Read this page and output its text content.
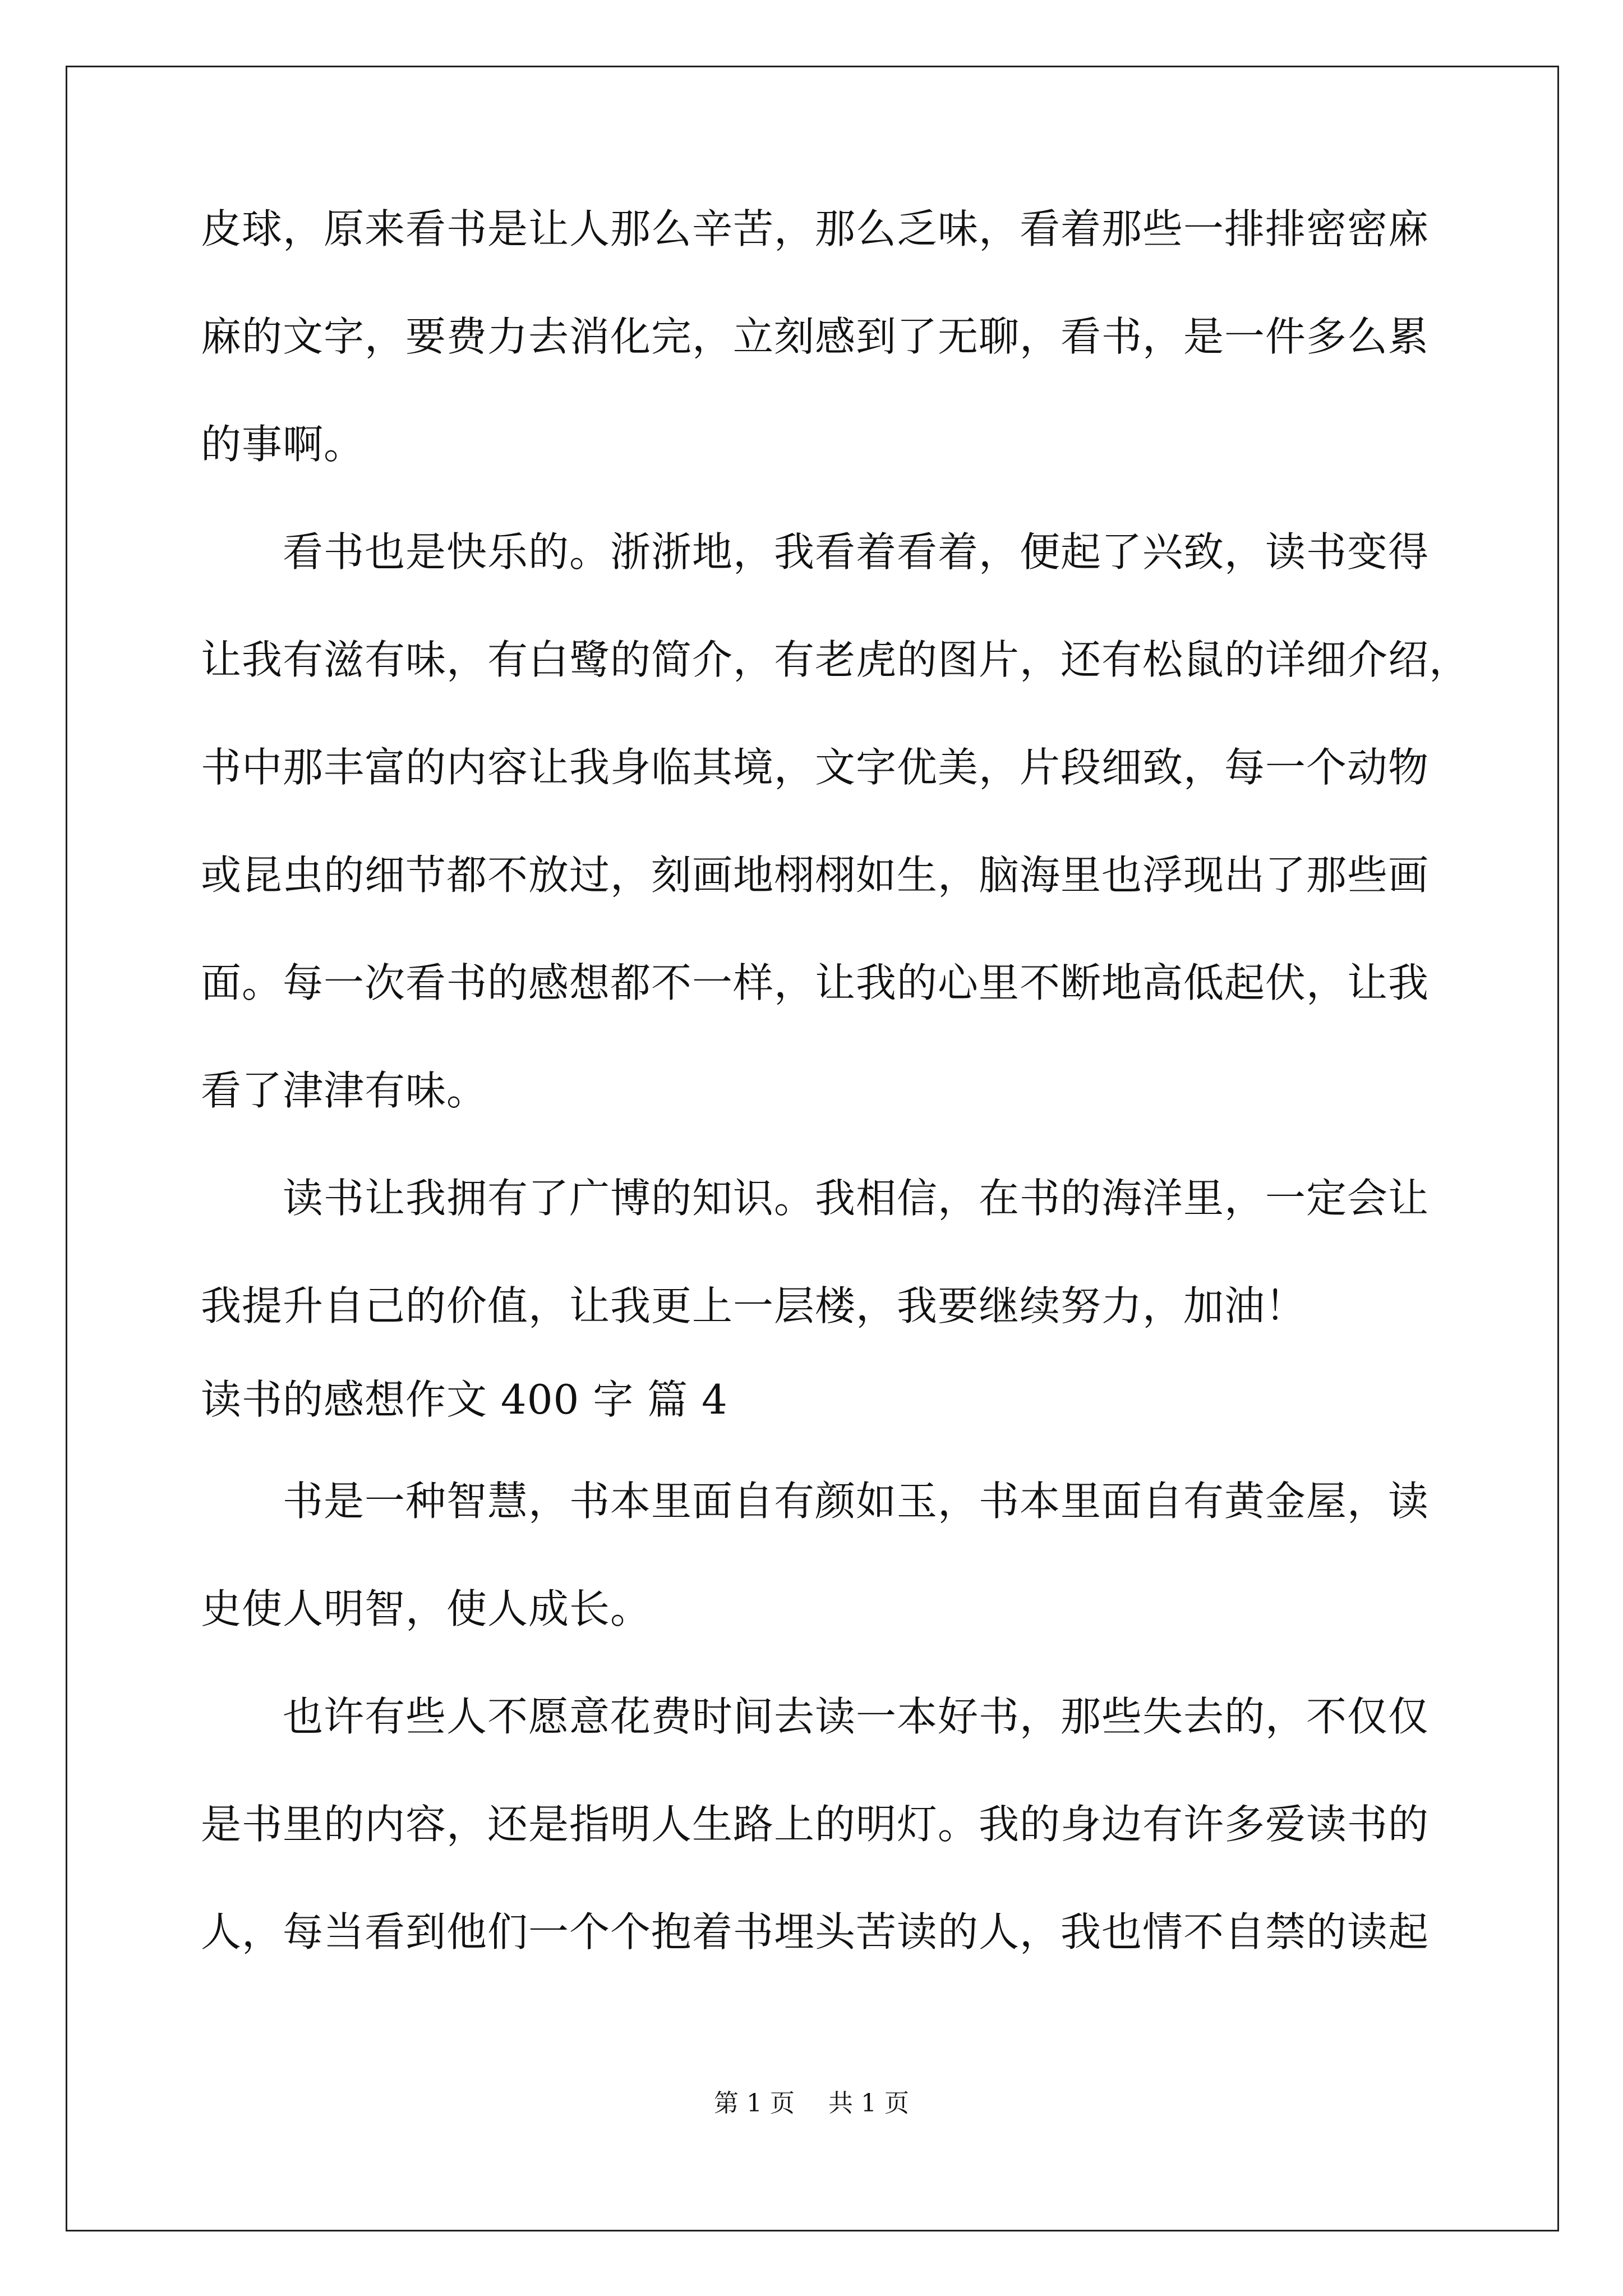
皮球，原来看书是让人那么辛苦，那么乏味，看着那些一排排密密麻
麻的文字，要费力去消化完，立刻感到了无聊，看书，是一件多么累
的事啊。
　　看书也是快乐的。浙浙地，我看着看着，便起了兴致，读书变得
让我有滋有味，有白鹭的简介，有老虎的图片，还有松鼠的详细介绍，
书中那丰富的内容让我身临其境，文字优美，片段细致，每一个动物
或昆虫的细节都不放过，刻画地栩栩如生，脑海里也浮现出了那些画
面。每一次看书的感想都不一样，让我的心里不断地高低起伏，让我
看了津津有味。
　　读书让我拥有了广博的知识。我相信，在书的海洋里，一定会让
我提升自己的价值，让我更上一层楼，我要继续努力，加油！
读书的感想作文 400 字 篇 4
　　书是一种智慧，书本里面自有颜如玉，书本里面自有黄金屋，读
史使人明智，使人成长。
　　也许有些人不愿意花费时间去读一本好书，那些失去的，不仅仅
是书里的内容，还是指明人生路上的明灯。我的身边有许多爱读书的
人，每当看到他们一个个抱着书埋头苦读的人，我也情不自禁的读起
第 1 页 共 1 页
